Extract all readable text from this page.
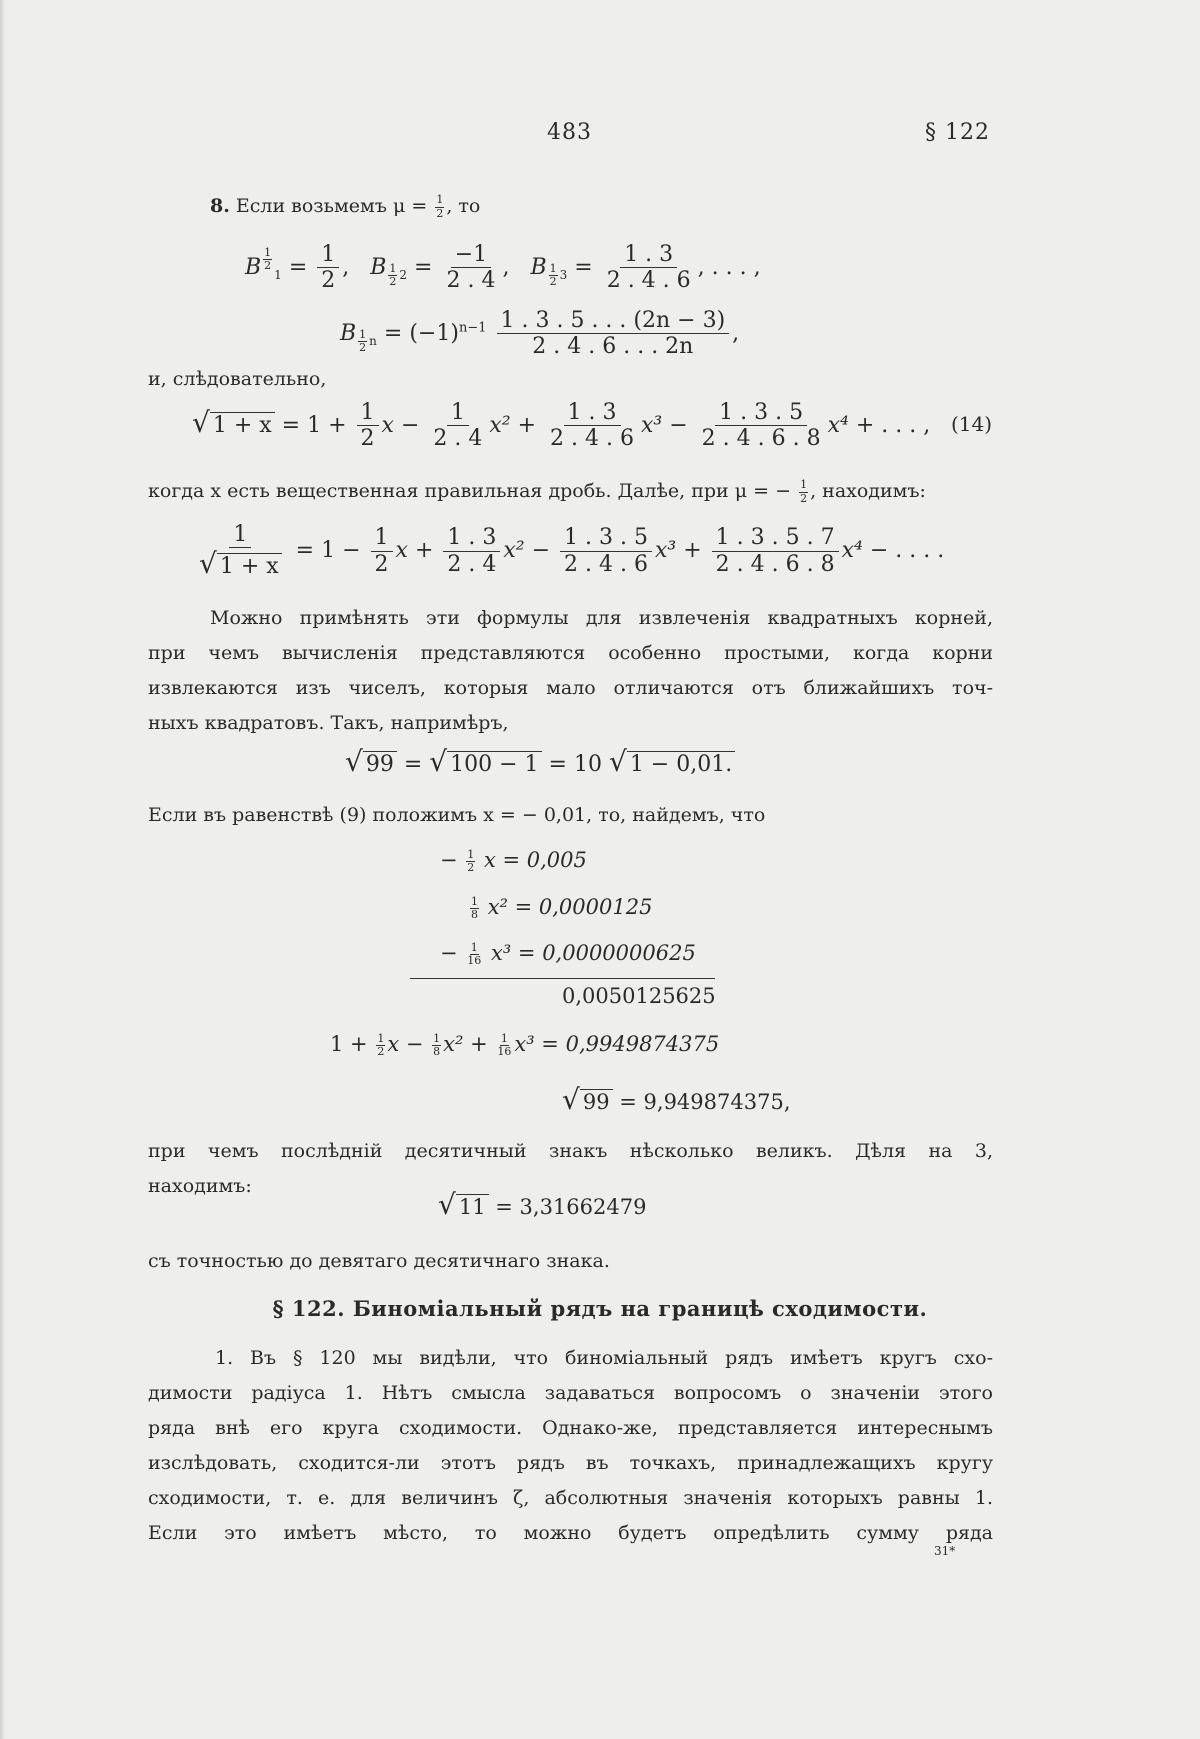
483	§ 122
8. Если возьмемъ $\mu = \frac{1}{2}$ , то
B $_{\frac{1}{2}}$
$_1 = \frac{1}{2}$ ,   B $_{\frac{1}{2}}$ $_2 = \frac{-1}{2 . 4}$ ,   B $_{\frac{1}{2}}$ $_3 = \frac{1 . 3}{2 . 4 . 6}$ , . . . ,
B $_{\frac{1}{2}}$ $_n = (-1)^{n-1} \frac{1 . 3 . 5 . . . (2n - 3)}{2 . 4 . 6 . . . 2n}$ ,
и, слѣдовательно,
√ $1 + x = 1 + \frac{1}{2}$ $x - \frac{1}{2 . 4} x^2 + \frac{1 . 3}{2 . 4 . 6} x^3 - \frac{1 . 3 . 5}{2 . 4 . 6 . 8} x^4$ + . . . , (14)
когда x есть вещественная правильная дробь. Далѣе, при μ = − $\frac{1}{2}$ , находимъ:
$\frac{1}{√ 1 + x} = 1 - \frac{1}{2}$ $x + \frac{1 . 3}{2 . 4} x^2 - \frac{1 . 3 . 5}{2 . 4 . 6} x^3 + \frac{1 . 3 . 5 . 7}{2 . 4 . 6 . 8} x^4$ − . . . .
Можно примѣнять эти формулы для извлеченія квадратныхъ корней,
при чемъ вычисленія представляются особенно простыми, когда корни
извлекаются изъ чиселъ, которыя мало отличаются отъ ближайшихъ точ-
ныхъ квадратовъ. Такъ, напримѣръ,
√ 99 = √ 100 − 1 = 10 √ 1 − 0,01.
Если въ равенствѣ (9) положимъ x = − 0,01, то, найдемъ, что
− $\frac{1}{2}$ x = 0,005
$\frac{1}{8} x^2 = 0,0000125$
− $\frac{1}{16} x^3 = 0,0000000625$
0,0050125625
$1 + \frac{1}{2}$ $x - \frac{1}{8} x^2 + \frac{1}{16} x^3 = 0,9949874375$
√ 99 = 9,949874375,
при чемъ послѣдній десятичный знакъ нѣсколько великъ. Дѣля на 3,
находимъ:
√ 11 = 3,31662479
съ точностью до девятаго десятичнаго знака.
§ 122. Биноміальный рядъ на границѣ сходимости.
1. Въ § 120 мы видѣли, что биноміальный рядъ имѣетъ кругъ схо-
димости радіуса 1. Нѣтъ смысла задаваться вопросомъ о значеніи этого
ряда внѣ его круга сходимости. Однако-же, представляется интереснымъ
изслѣдовать, сходится-ли этотъ рядъ въ точкахъ, принадлежащихъ кругу
сходимости, т. е. для величинъ ζ, абсолютныя значенія которыхъ равны 1.
Если это имѣетъ мѣсто, то можно будетъ опредѣлить сумму ряда
31*
